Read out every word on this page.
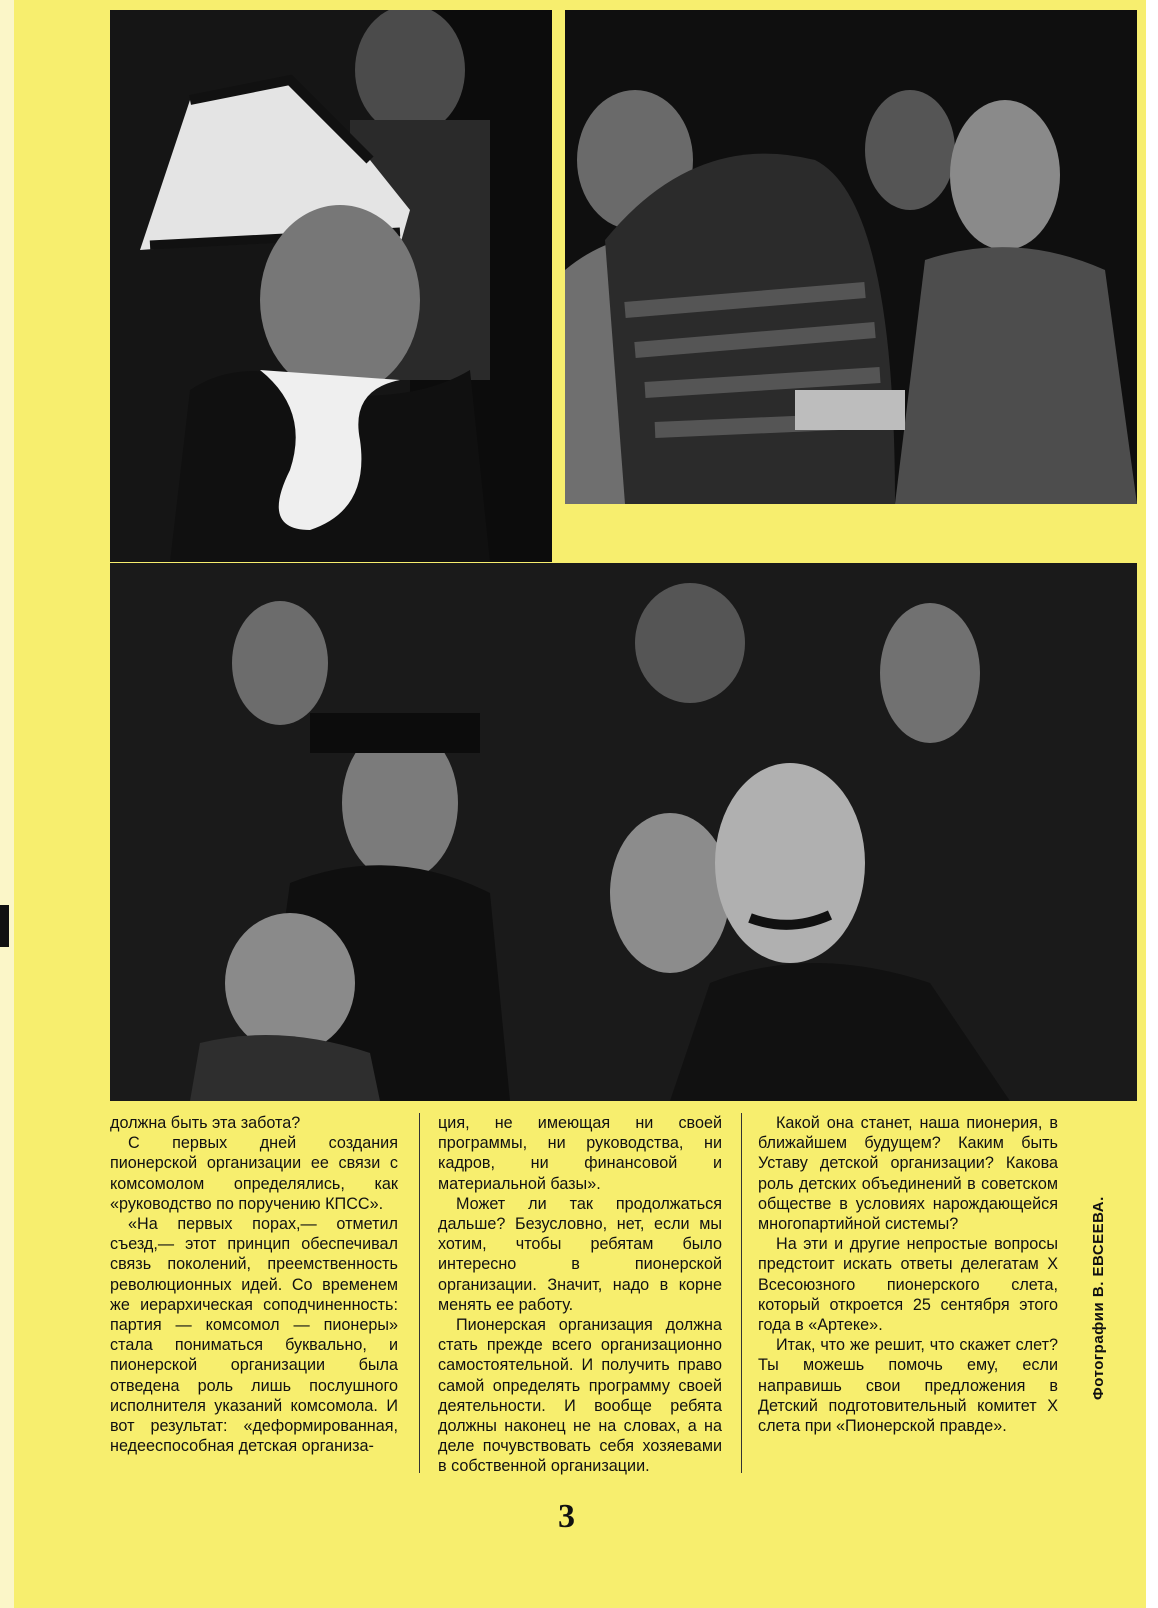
должна быть эта забота?

С первых дней создания пионерской организации ее связи с комсомолом определялись, как «руководство по поручению КПСС».

«На первых порах,— отметил съезд,— этот принцип обеспечивал связь поколений, преемственность революционных идей. Со временем же иерархическая соподчиненность: партия — комсомол — пионеры» стала пониматься буквально, и пионерской организации была отведена роль лишь послушного исполнителя указаний комсомола. И вот результат: «деформированная, недееспособная детская организа-

ция, не имеющая ни своей программы, ни руководства, ни кадров, ни финансовой и материальной базы».

Может ли так продолжаться дальше? Безусловно, нет, если мы хотим, чтобы ребятам было интересно в пионерской организации. Значит, надо в корне менять ее работу.

Пионерская организация должна стать прежде всего организационно самостоятельной. И получить право самой определять программу своей деятельности. И вообще ребята должны наконец не на словах, а на деле почувствовать себя хозяевами в собственной организации.

Какой она станет, наша пионерия, в ближайшем будущем? Каким быть Уставу детской организации? Какова роль детских объединений в советском обществе в условиях нарождающейся многопартийной системы?

На эти и другие непростые вопросы предстоит искать ответы делегатам X Всесоюзного пионерского слета, который откроется 25 сентября этого года в «Артеке».

Итак, что же решит, что скажет слет? Ты можешь помочь ему, если направишь свои предложения в Детский подготовительный комитет X слета при «Пионерской правде».

Фотографии В. ЕВСЕЕВА.
3
